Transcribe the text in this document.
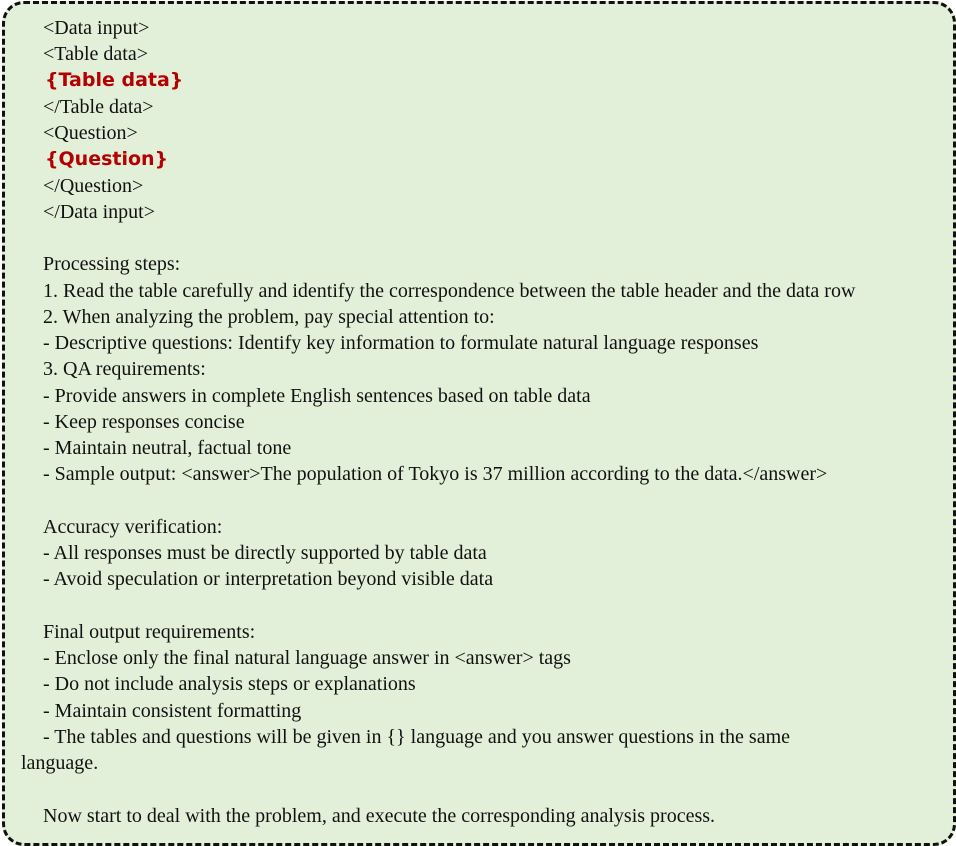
<Data input>
<Table data>
{Table data}
</Table data>
<Question>
{Question}
</Question>
</Data input>
Processing steps:
1. Read the table carefully and identify the correspondence between the table header and the data row
2. When analyzing the problem, pay special attention to:
- Descriptive questions: Identify key information to formulate natural language responses
3. QA requirements:
- Provide answers in complete English sentences based on table data
- Keep responses concise
- Maintain neutral, factual tone
- Sample output: <answer>The population of Tokyo is 37 million according to the data.</answer>
Accuracy verification:
- All responses must be directly supported by table data
- Avoid speculation or interpretation beyond visible data
Final output requirements:
- Enclose only the final natural language answer in <answer> tags
- Do not include analysis steps or explanations
- Maintain consistent formatting
- The tables and questions will be given in {} language and you answer questions in the same
language.
Now start to deal with the problem, and execute the corresponding analysis process.
